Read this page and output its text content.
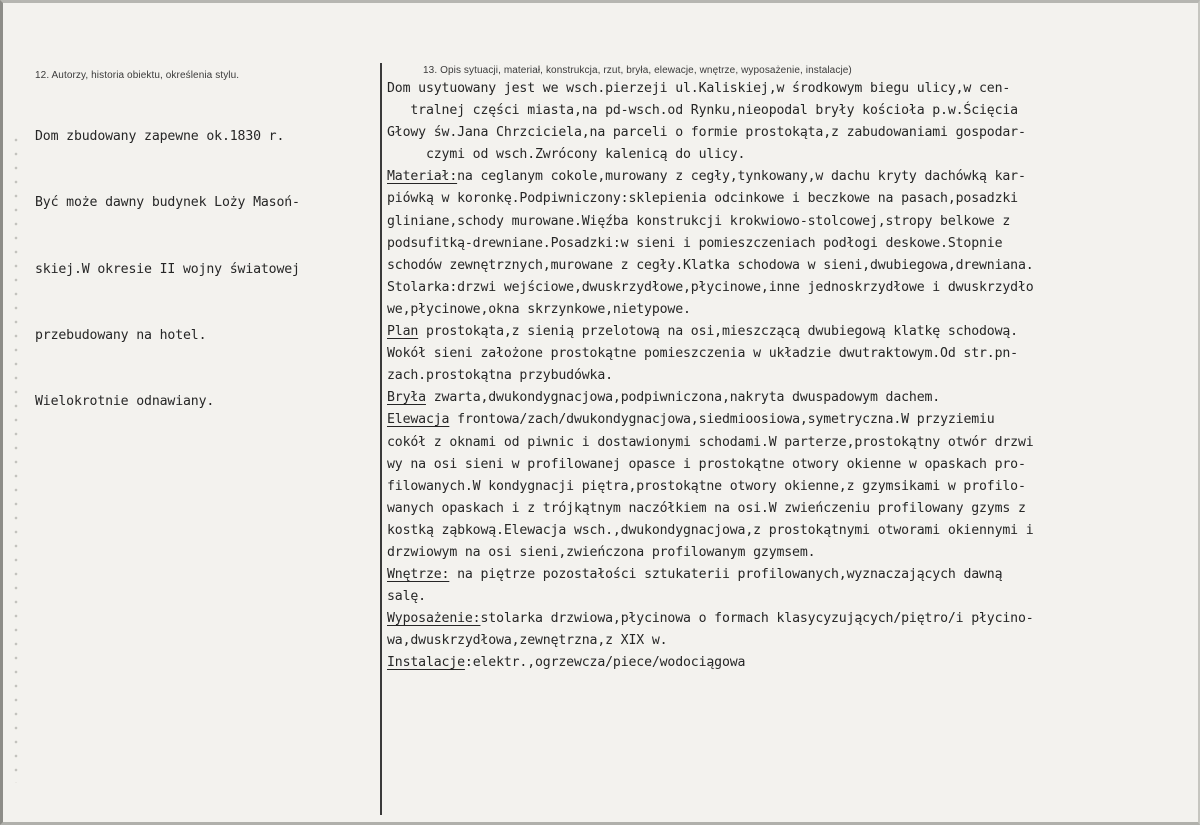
12. Autorzy, historia obiektu, określenia stylu.

Dom zbudowany zapewne ok.1830 r.

Być może dawny budynek Loży Masoń-

skiej.W okresie II wojny światowej

przebudowany na hotel.

Wielokrotnie odnawiany.

13. Opis sytuacji, materiał, konstrukcja, rzut, bryła, elewacje, wnętrze, wyposażenie, instalacje)
Dom usytuowany jest we wsch.pierzeji ul.Kaliskiej,w środkowym biegu ulicy,w cen-
tralnej części miasta,na pd-wsch.od Rynku,nieopodal bryły kościoła p.w.Ścięcia
Głowy św.Jana Chrzciciela,na parceli o formie prostokąta,z zabudowaniami gospodar-
czymi od wsch.Zwrócony kalenicą do ulicy.
Materiał:na ceglanym cokole,murowany z cegły,tynkowany,w dachu kryty dachówką kar-
piówką w koronkę.Podpiwniczony:sklepienia odcinkowe i beczkowe na pasach,posadzki
gliniane,schody murowane.Więźba konstrukcji krokwiowo-stolcowej,stropy belkowe z
podsufitką-drewniane.Posadzki:w sieni i pomieszczeniach podłogi deskowe.Stopnie
schodów zewnętrznych,murowane z cegły.Klatka schodowa w sieni,dwubiegowa,drewniana.
Stolarka:drzwi wejściowe,dwuskrzydłowe,płycinowe,inne jednoskrzydłowe i dwuskrzydło
we,płycinowe,okna skrzynkowe,nietypowe.
Plan prostokąta,z sienią przelotową na osi,mieszczącą dwubiegową klatkę schodową.
Wokół sieni założone prostokątne pomieszczenia w układzie dwutraktowym.Od str.pn-
zach.prostokątna przybudówka.
Bryła zwarta,dwukondygnacjowa,podpiwniczona,nakryta dwuspadowym dachem.
Elewacja frontowa/zach/dwukondygnacjowa,siedmioosiowa,symetryczna.W przyziemiu
cokół z oknami od piwnic i dostawionymi schodami.W parterze,prostokątny otwór drzwi
wy na osi sieni w profilowanej opasce i prostokątne otwory okienne w opaskach pro-
filowanych.W kondygnacji piętra,prostokątne otwory okienne,z gzymsikami w profilo-
wanych opaskach i z trójkątnym naczółkiem na osi.W zwieńczeniu profilowany gzyms z
kostką ząbkową.Elewacja wsch.,dwukondygnacjowa,z prostokątnymi otworami okiennymi i
drzwiowym na osi sieni,zwieńczona profilowanym gzymsem.
Wnętrze: na piętrze pozostałości sztukaterii profilowanych,wyznaczających dawną
salę.
Wyposażenie:stolarka drzwiowa,płycinowa o formach klasycyzujących/piętro/i płycino-
wa,dwuskrzydłowa,zewnętrzna,z XIX w.
Instalacje:elektr.,ogrzewcza/piece/wodociągowa
